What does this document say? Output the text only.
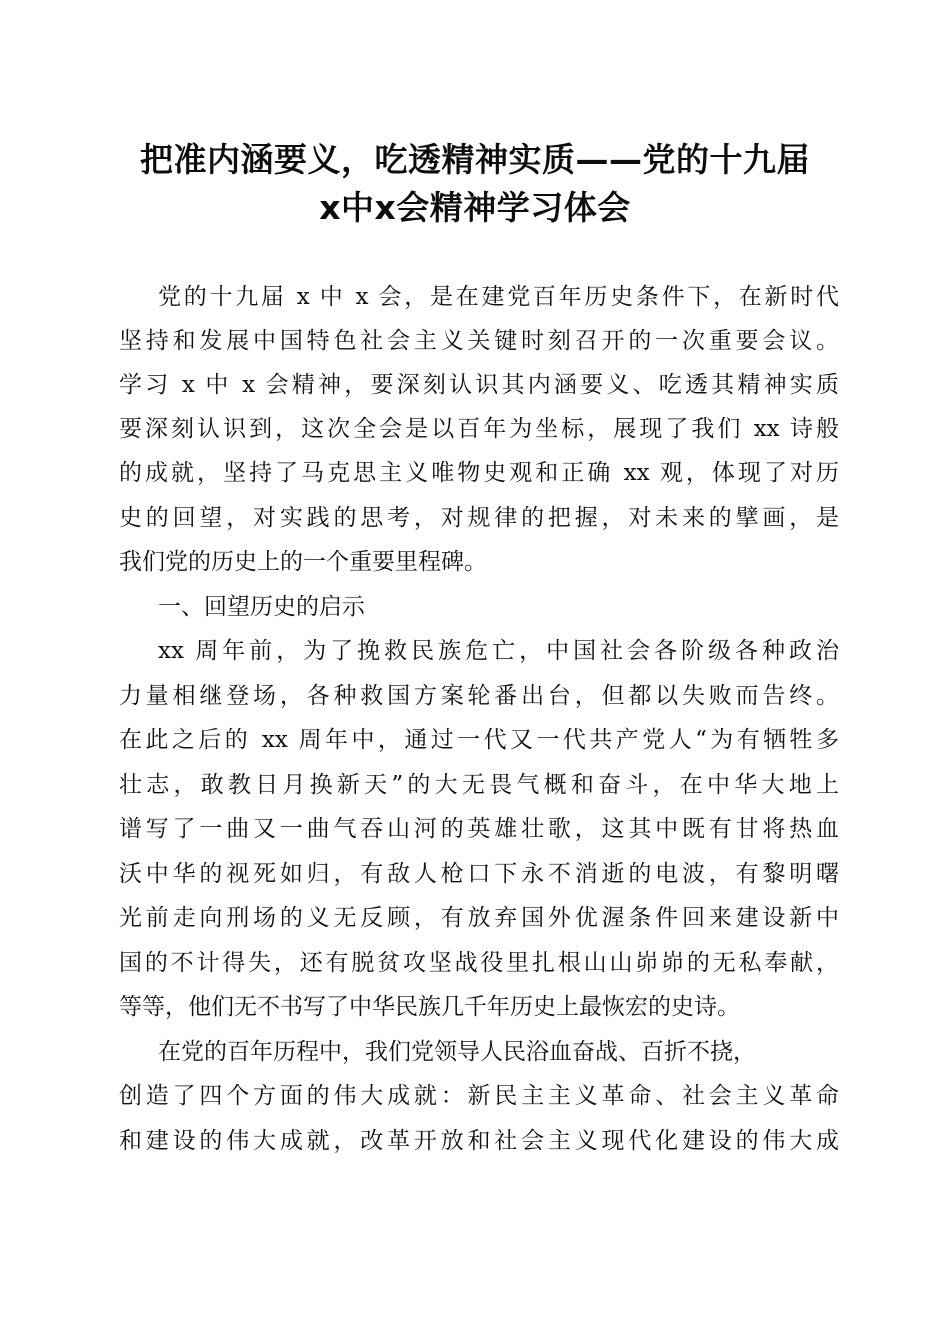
把准内涵要义，吃透精神实质——党的十九届
x中x会精神学习体会

党的十九届 x 中 x 会，是在建党百年历史条件下，在新时代

坚持和发展中国特色社会主义关键时刻召开的一次重要会议。

学习 x 中 x 会精神，要深刻认识其内涵要义、吃透其精神实质

要深刻认识到，这次全会是以百年为坐标，展现了我们 xx 诗般

的成就，坚持了马克思主义唯物史观和正确 xx 观，体现了对历

史的回望，对实践的思考，对规律的把握，对未来的擘画，是

我们党的历史上的一个重要里程碑。

一、回望历史的启示

xx 周年前，为了挽救民族危亡，中国社会各阶级各种政治

力量相继登场，各种救国方案轮番出台，但都以失败而告终。

在此之后的 xx 周年中，通过一代又一代共产党人“为有牺牲多

壮志，敢教日月换新天”的大无畏气概和奋斗，在中华大地上

谱写了一曲又一曲气吞山河的英雄壮歌，这其中既有甘将热血

沃中华的视死如归，有敌人枪口下永不消逝的电波，有黎明曙

光前走向刑场的义无反顾，有放弃国外优渥条件回来建设新中

国的不计得失，还有脱贫攻坚战役里扎根山山峁峁的无私奉献，

等等，他们无不书写了中华民族几千年历史上最恢宏的史诗。

在党的百年历程中，我们党领导人民浴血奋战、百折不挠，

创造了四个方面的伟大成就：新民主主义革命、社会主义革命

和建设的伟大成就，改革开放和社会主义现代化建设的伟大成
